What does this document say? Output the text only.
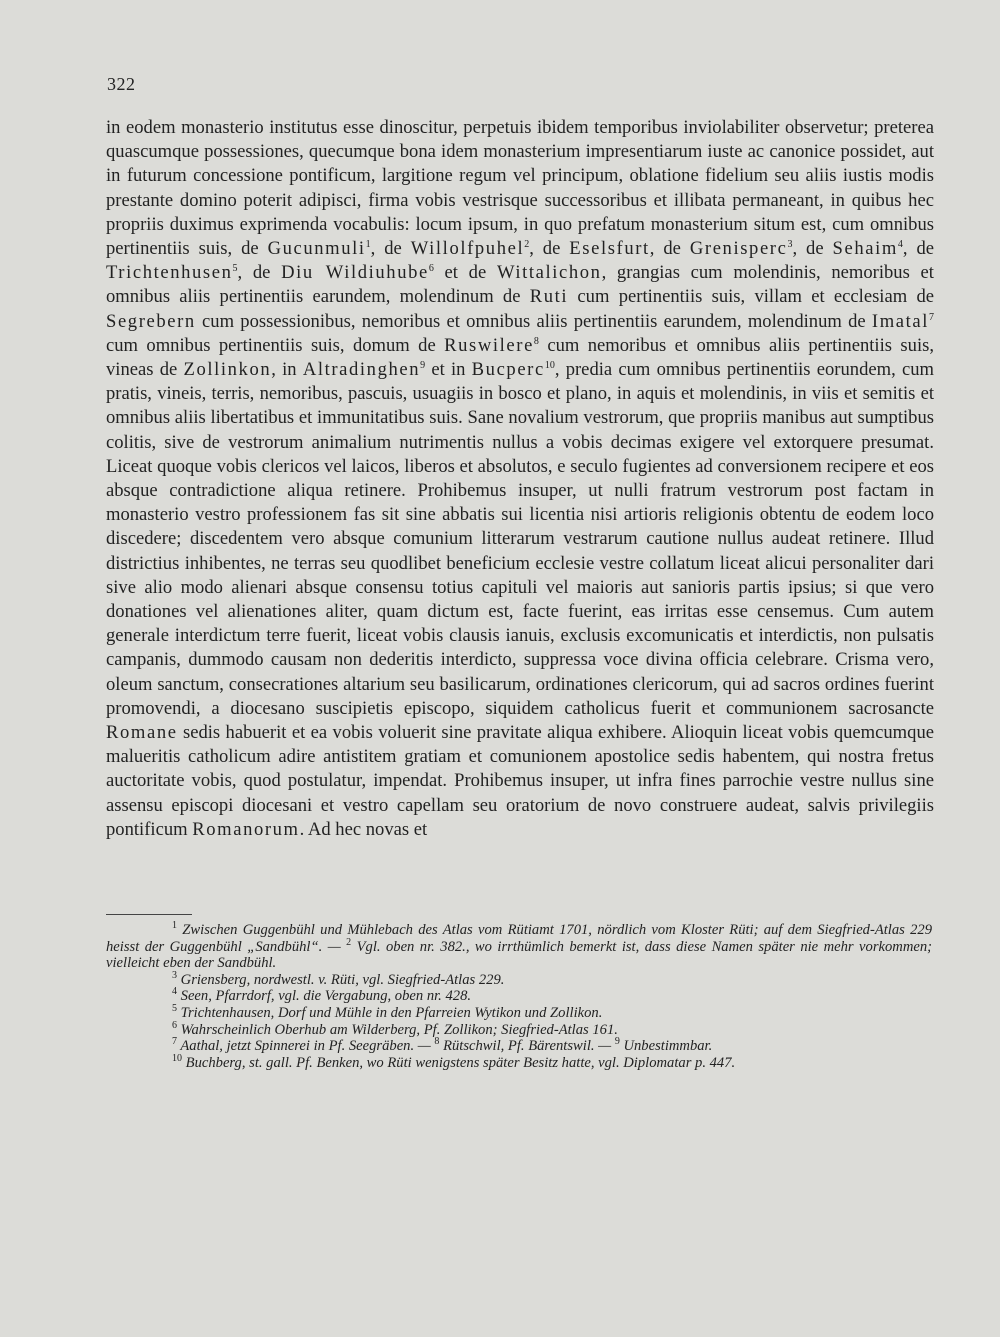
322

in eodem monasterio institutus esse dinoscitur, perpetuis ibidem temporibus inviolabiliter observetur; preterea quascumque possessiones, quecumque bona idem monasterium impresentiarum iuste ac canonice possidet, aut in futurum concessione pontificum, largitione regum vel principum, oblatione fidelium seu aliis iustis modis prestante domino poterit adipisci, firma vobis vestrisque successoribus et illibata permaneant, in quibus hec propriis duximus exprimenda vocabulis: locum ipsum, in quo prefatum monasterium situm est, cum omnibus pertinentiis suis, de Gucunmuli$^1$, de Willolfpuhel$^2$, de Eselsfurt, de Grenisperc$^3$, de Sehaim$^4$, de Trichtenhusen$^5$, de Diu Wildiuhube$^6$ et de Wittalichon, grangias cum molendinis, nemoribus et omnibus aliis pertinentiis earundem, molendinum de Ruti cum pertinentiis suis, villam et ecclesiam de Segrebern cum possessionibus, nemoribus et omnibus aliis pertinentiis earundem, molendinum de Imatal$^7$ cum omnibus pertinentiis suis, domum de Ruswilere$^8$ cum nemoribus et omnibus aliis pertinentiis suis, vineas de Zollinkon, in Altradinghen$^9$ et in Bucperc$^{10}$, predia cum omnibus pertinentiis eorundem, cum pratis, vineis, terris, nemoribus, pascuis, usuagiis in bosco et plano, in aquis et molendinis, in viis et semitis et omnibus aliis libertatibus et immunitatibus suis. Sane novalium vestrorum, que propriis manibus aut sumptibus colitis, sive de vestrorum animalium nutrimentis nullus a vobis decimas exigere vel extorquere presumat. Liceat quoque vobis clericos vel laicos, liberos et absolutos, e seculo fugientes ad conversionem recipere et eos absque contradictione aliqua retinere. Prohibemus insuper, ut nulli fratrum vestrorum post factam in monasterio vestro professionem fas sit sine abbatis sui licentia nisi artioris religionis obtentu de eodem loco discedere; discedentem vero absque comunium litterarum vestrarum cautione nullus audeat retinere. Illud districtius inhibentes, ne terras seu quodlibet beneficium ecclesie vestre collatum liceat alicui personaliter dari sive alio modo alienari absque consensu totius capituli vel maioris aut sanioris partis ipsius; si que vero donationes vel alienationes aliter, quam dictum est, facte fuerint, eas irritas esse censemus. Cum autem generale interdictum terre fuerit, liceat vobis clausis ianuis, exclusis excomunicatis et interdictis, non pulsatis campanis, dummodo causam non dederitis interdicto, suppressa voce divina officia celebrare. Crisma vero, oleum sanctum, consecrationes altarium seu basilicarum, ordinationes clericorum, qui ad sacros ordines fuerint promovendi, a diocesano suscipietis episcopo, siquidem catholicus fuerit et communionem sacrosancte Romane sedis habuerit et ea vobis voluerit sine pravitate aliqua exhibere. Alioquin liceat vobis quemcumque malueritis catholicum adire antistitem gratiam et comunionem apostolice sedis habentem, qui nostra fretus auctoritate vobis, quod postulatur, impendat. Prohibemus insuper, ut infra fines parrochie vestre nullus sine assensu episcopi diocesani et vestro capellam seu oratorium de novo construere audeat, salvis privilegiis pontificum Romanorum. Ad hec novas et

$^1$ Zwischen Guggenbühl und Mühlebach des Atlas vom Rütiamt 1701, nördlich vom Kloster Rüti; auf dem Siegfried-Atlas 229 heisst der Guggenbühl „Sandbühl“. — $^2$ Vgl. oben nr. 382., wo irrthümlich bemerkt ist, dass diese Namen später nie mehr vorkommen; vielleicht eben der Sandbühl.

$^3$ Griensberg, nordwestl. v. Rüti, vgl. Siegfried-Atlas 229.

$^4$ Seen, Pfarrdorf, vgl. die Vergabung, oben nr. 428.

$^5$ Trichtenhausen, Dorf und Mühle in den Pfarreien Wytikon und Zollikon.

$^6$ Wahrscheinlich Oberhub am Wilderberg, Pf. Zollikon; Siegfried-Atlas 161.

$^7$ Aathal, jetzt Spinnerei in Pf. Seegräben. — $^8$ Rütschwil, Pf. Bärentswil. — $^9$ Unbestimmbar.

$^{10}$ Buchberg, st. gall. Pf. Benken, wo Rüti wenigstens später Besitz hatte, vgl. Diplomatar p. 447.
